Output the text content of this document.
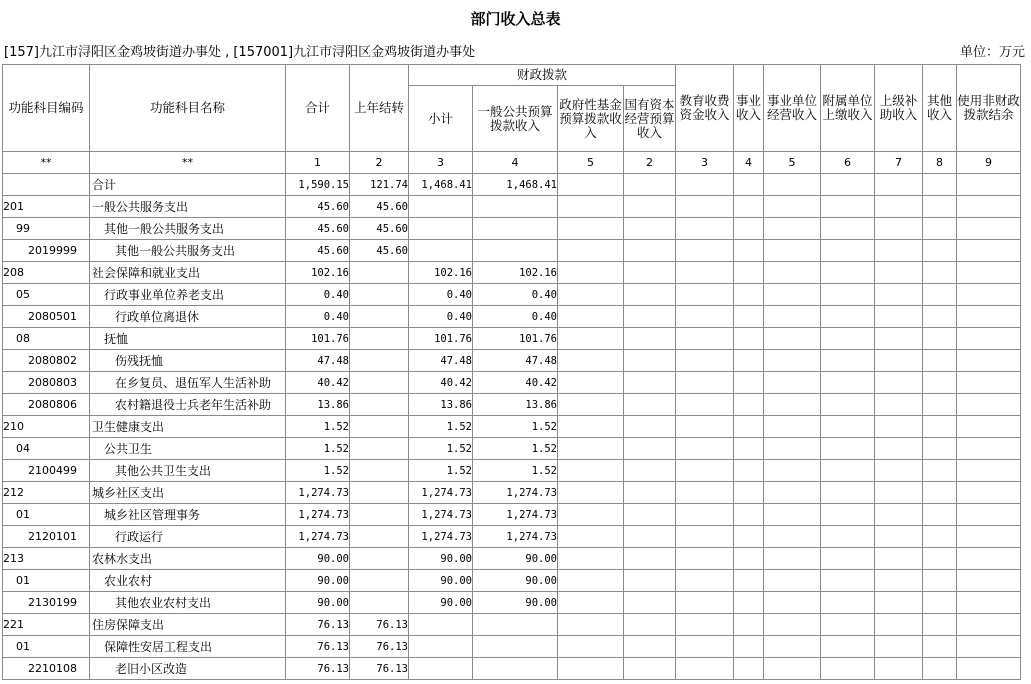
部门收入总表
[157]九江市浔阳区金鸡坡街道办事处 , [157001]九江市浔阳区金鸡坡街道办事处	单位：万元
功能科目编码	功能科目名称	合计	上年结转	财政拨款				教育收费资金收入	事业收入	事业单位经营收入	附属单位上缴收入	上级补助收入	其他收入	使用非财政拨款结余
				小计	一般公共预算拨款收入	政府性基金预算拨款收入	国有资本经营预算收入							
**	**	1	2	3	4	5	2	3	4	5	6	7	8	9
	合计	1,590.15	121.74	1,468.41	1,468.41									
201	一般公共服务支出	45.60	45.60											
99	其他一般公共服务支出	45.60	45.60											
2019999	其他一般公共服务支出	45.60	45.60											
208	社会保障和就业支出	102.16		102.16	102.16									
05	行政事业单位养老支出	0.40		0.40	0.40									
2080501	行政单位离退休	0.40		0.40	0.40									
08	抚恤	101.76		101.76	101.76									
2080802	伤残抚恤	47.48		47.48	47.48									
2080803	在乡复员、退伍军人生活补助	40.42		40.42	40.42									
2080806	农村籍退役士兵老年生活补助	13.86		13.86	13.86									
210	卫生健康支出	1.52		1.52	1.52									
04	公共卫生	1.52		1.52	1.52									
2100499	其他公共卫生支出	1.52		1.52	1.52									
212	城乡社区支出	1,274.73		1,274.73	1,274.73									
01	城乡社区管理事务	1,274.73		1,274.73	1,274.73									
2120101	行政运行	1,274.73		1,274.73	1,274.73									
213	农林水支出	90.00		90.00	90.00									
01	农业农村	90.00		90.00	90.00									
2130199	其他农业农村支出	90.00		90.00	90.00									
221	住房保障支出	76.13	76.13											
01	保障性安居工程支出	76.13	76.13											
2210108	老旧小区改造	76.13	76.13											
